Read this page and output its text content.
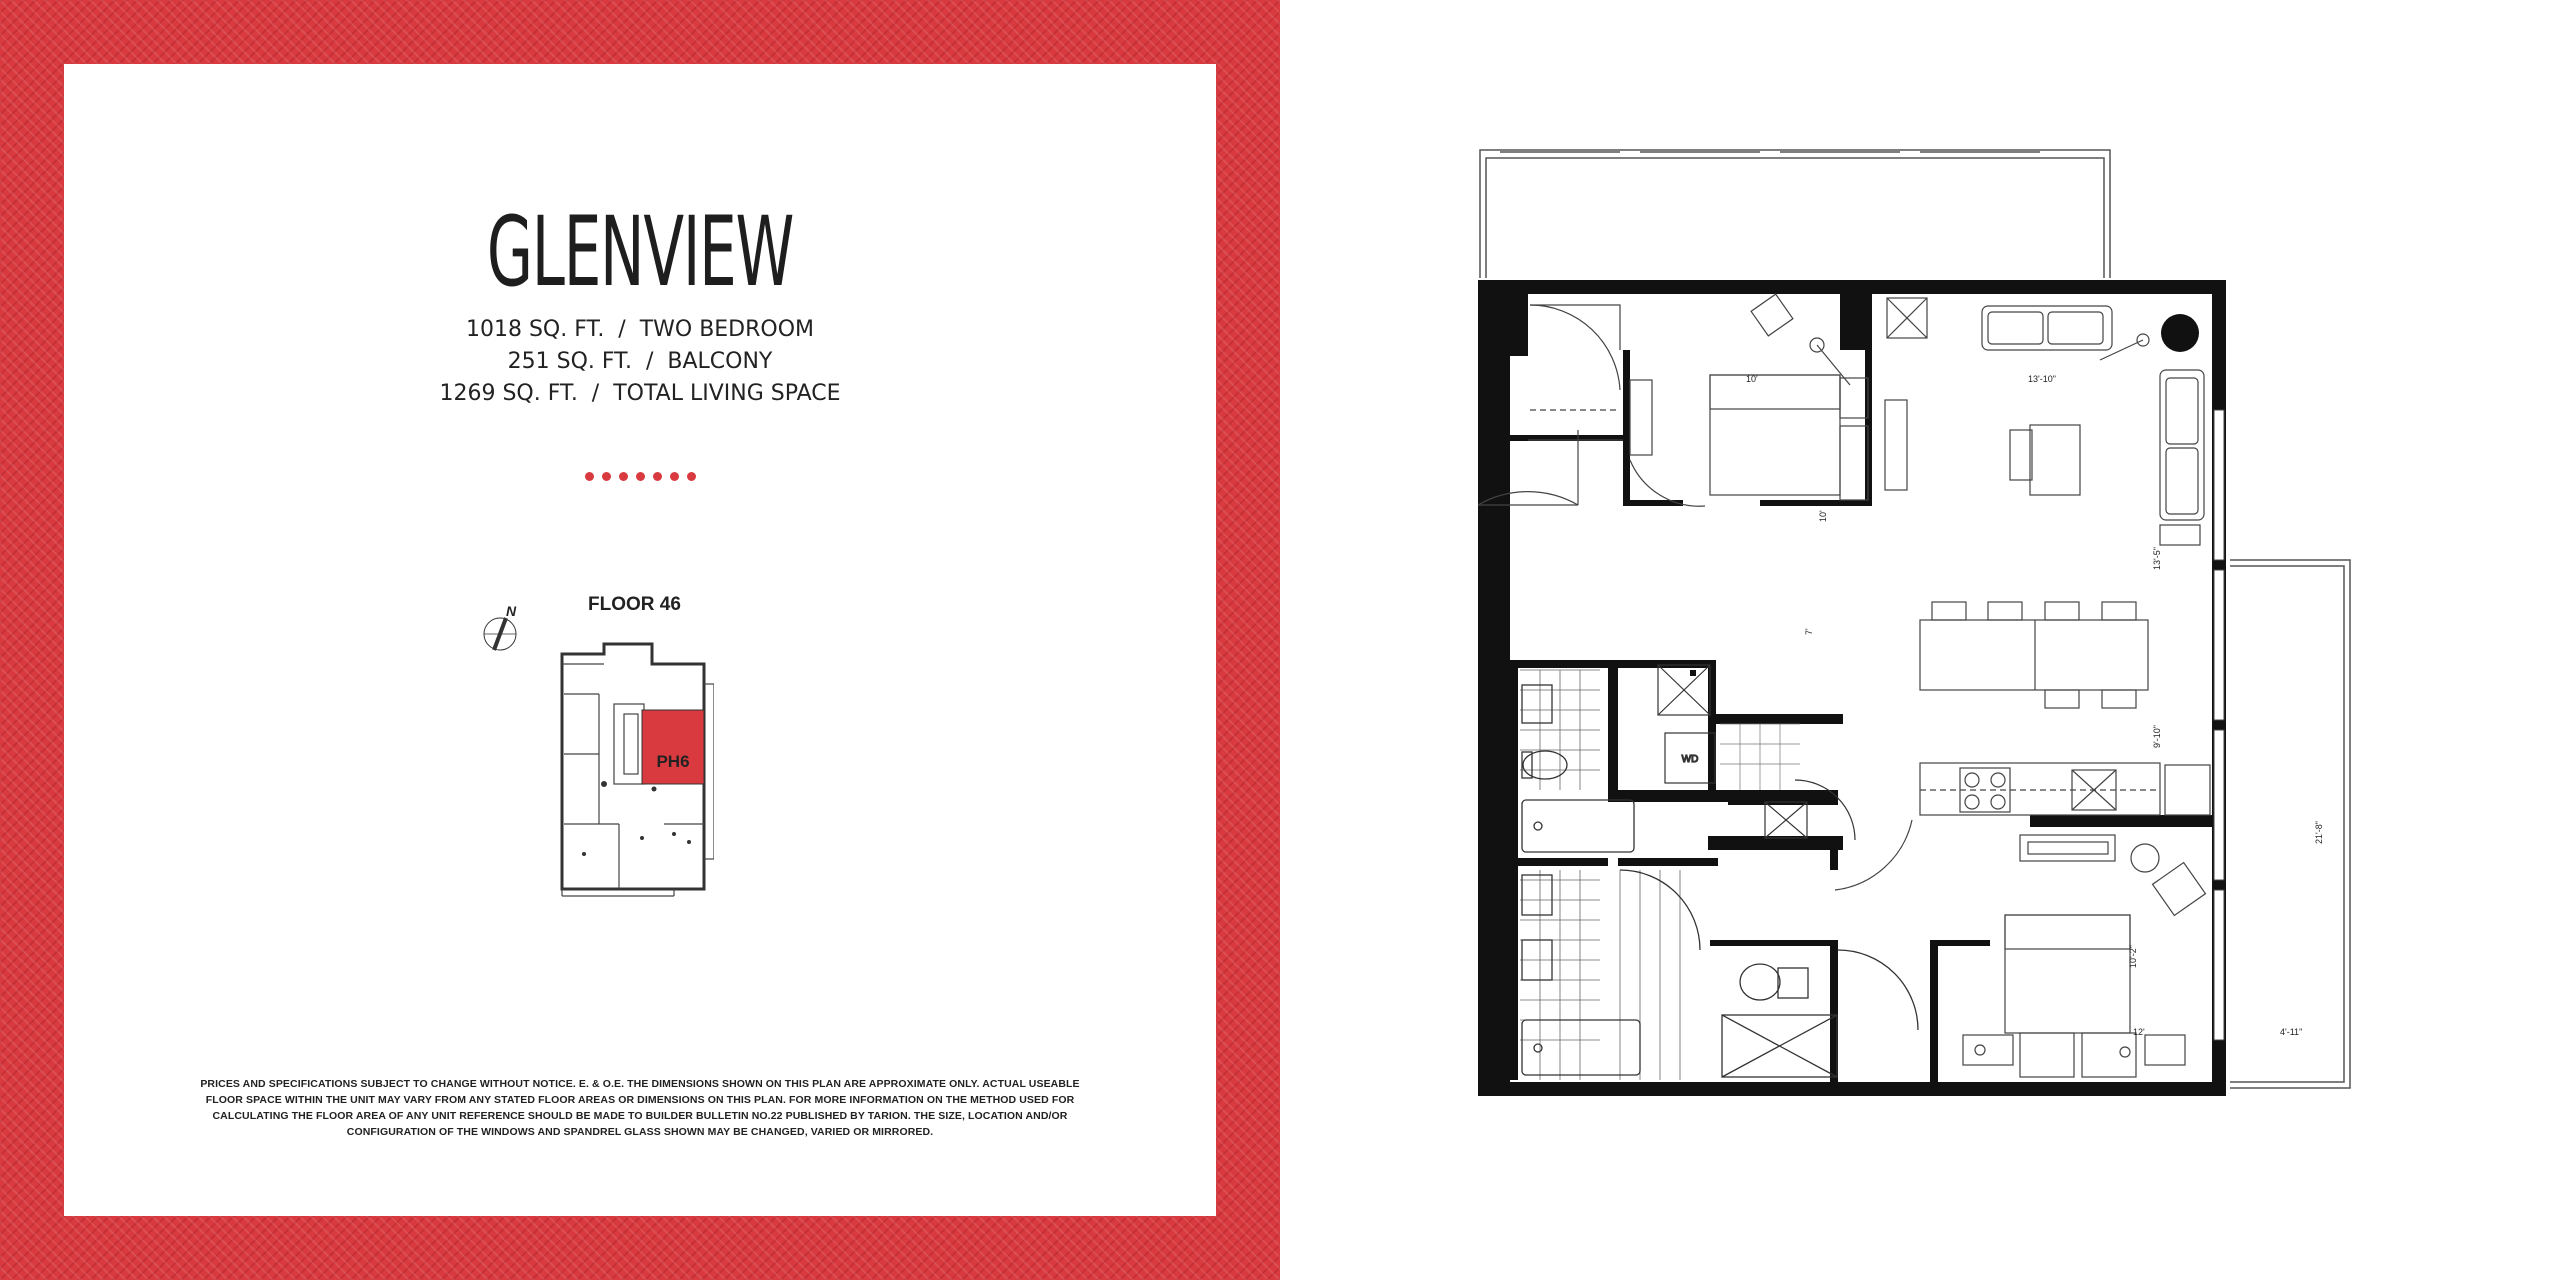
GLENVIEW
1018 SQ. FT.  /  TWO BEDROOM
251 SQ. FT.  /  BALCONY
1269 SQ. FT.  /  TOTAL LIVING SPACE
FLOOR 46
N
PH6
PRICES AND SPECIFICATIONS SUBJECT TO CHANGE WITHOUT NOTICE. E. & O.E. THE DIMENSIONS SHOWN ON THIS PLAN ARE APPROXIMATE ONLY. ACTUAL USEABLE FLOOR SPACE WITHIN THE UNIT MAY VARY FROM ANY STATED FLOOR AREAS OR DIMENSIONS ON THIS PLAN. FOR MORE INFORMATION ON THE METHOD USED FOR CALCULATING THE FLOOR AREA OF ANY UNIT REFERENCE SHOULD BE MADE TO BUILDER BULLETIN NO.22 PUBLISHED BY TARION. THE SIZE, LOCATION AND/OR CONFIGURATION OF THE WINDOWS AND SPANDREL GLASS SHOWN MAY BE CHANGED, VARIED OR MIRRORED.
WD
10'
10'
13'-10"
13'-5"
7'
9'-10"
21'-8"
10'-2"
12'	4'-11"
